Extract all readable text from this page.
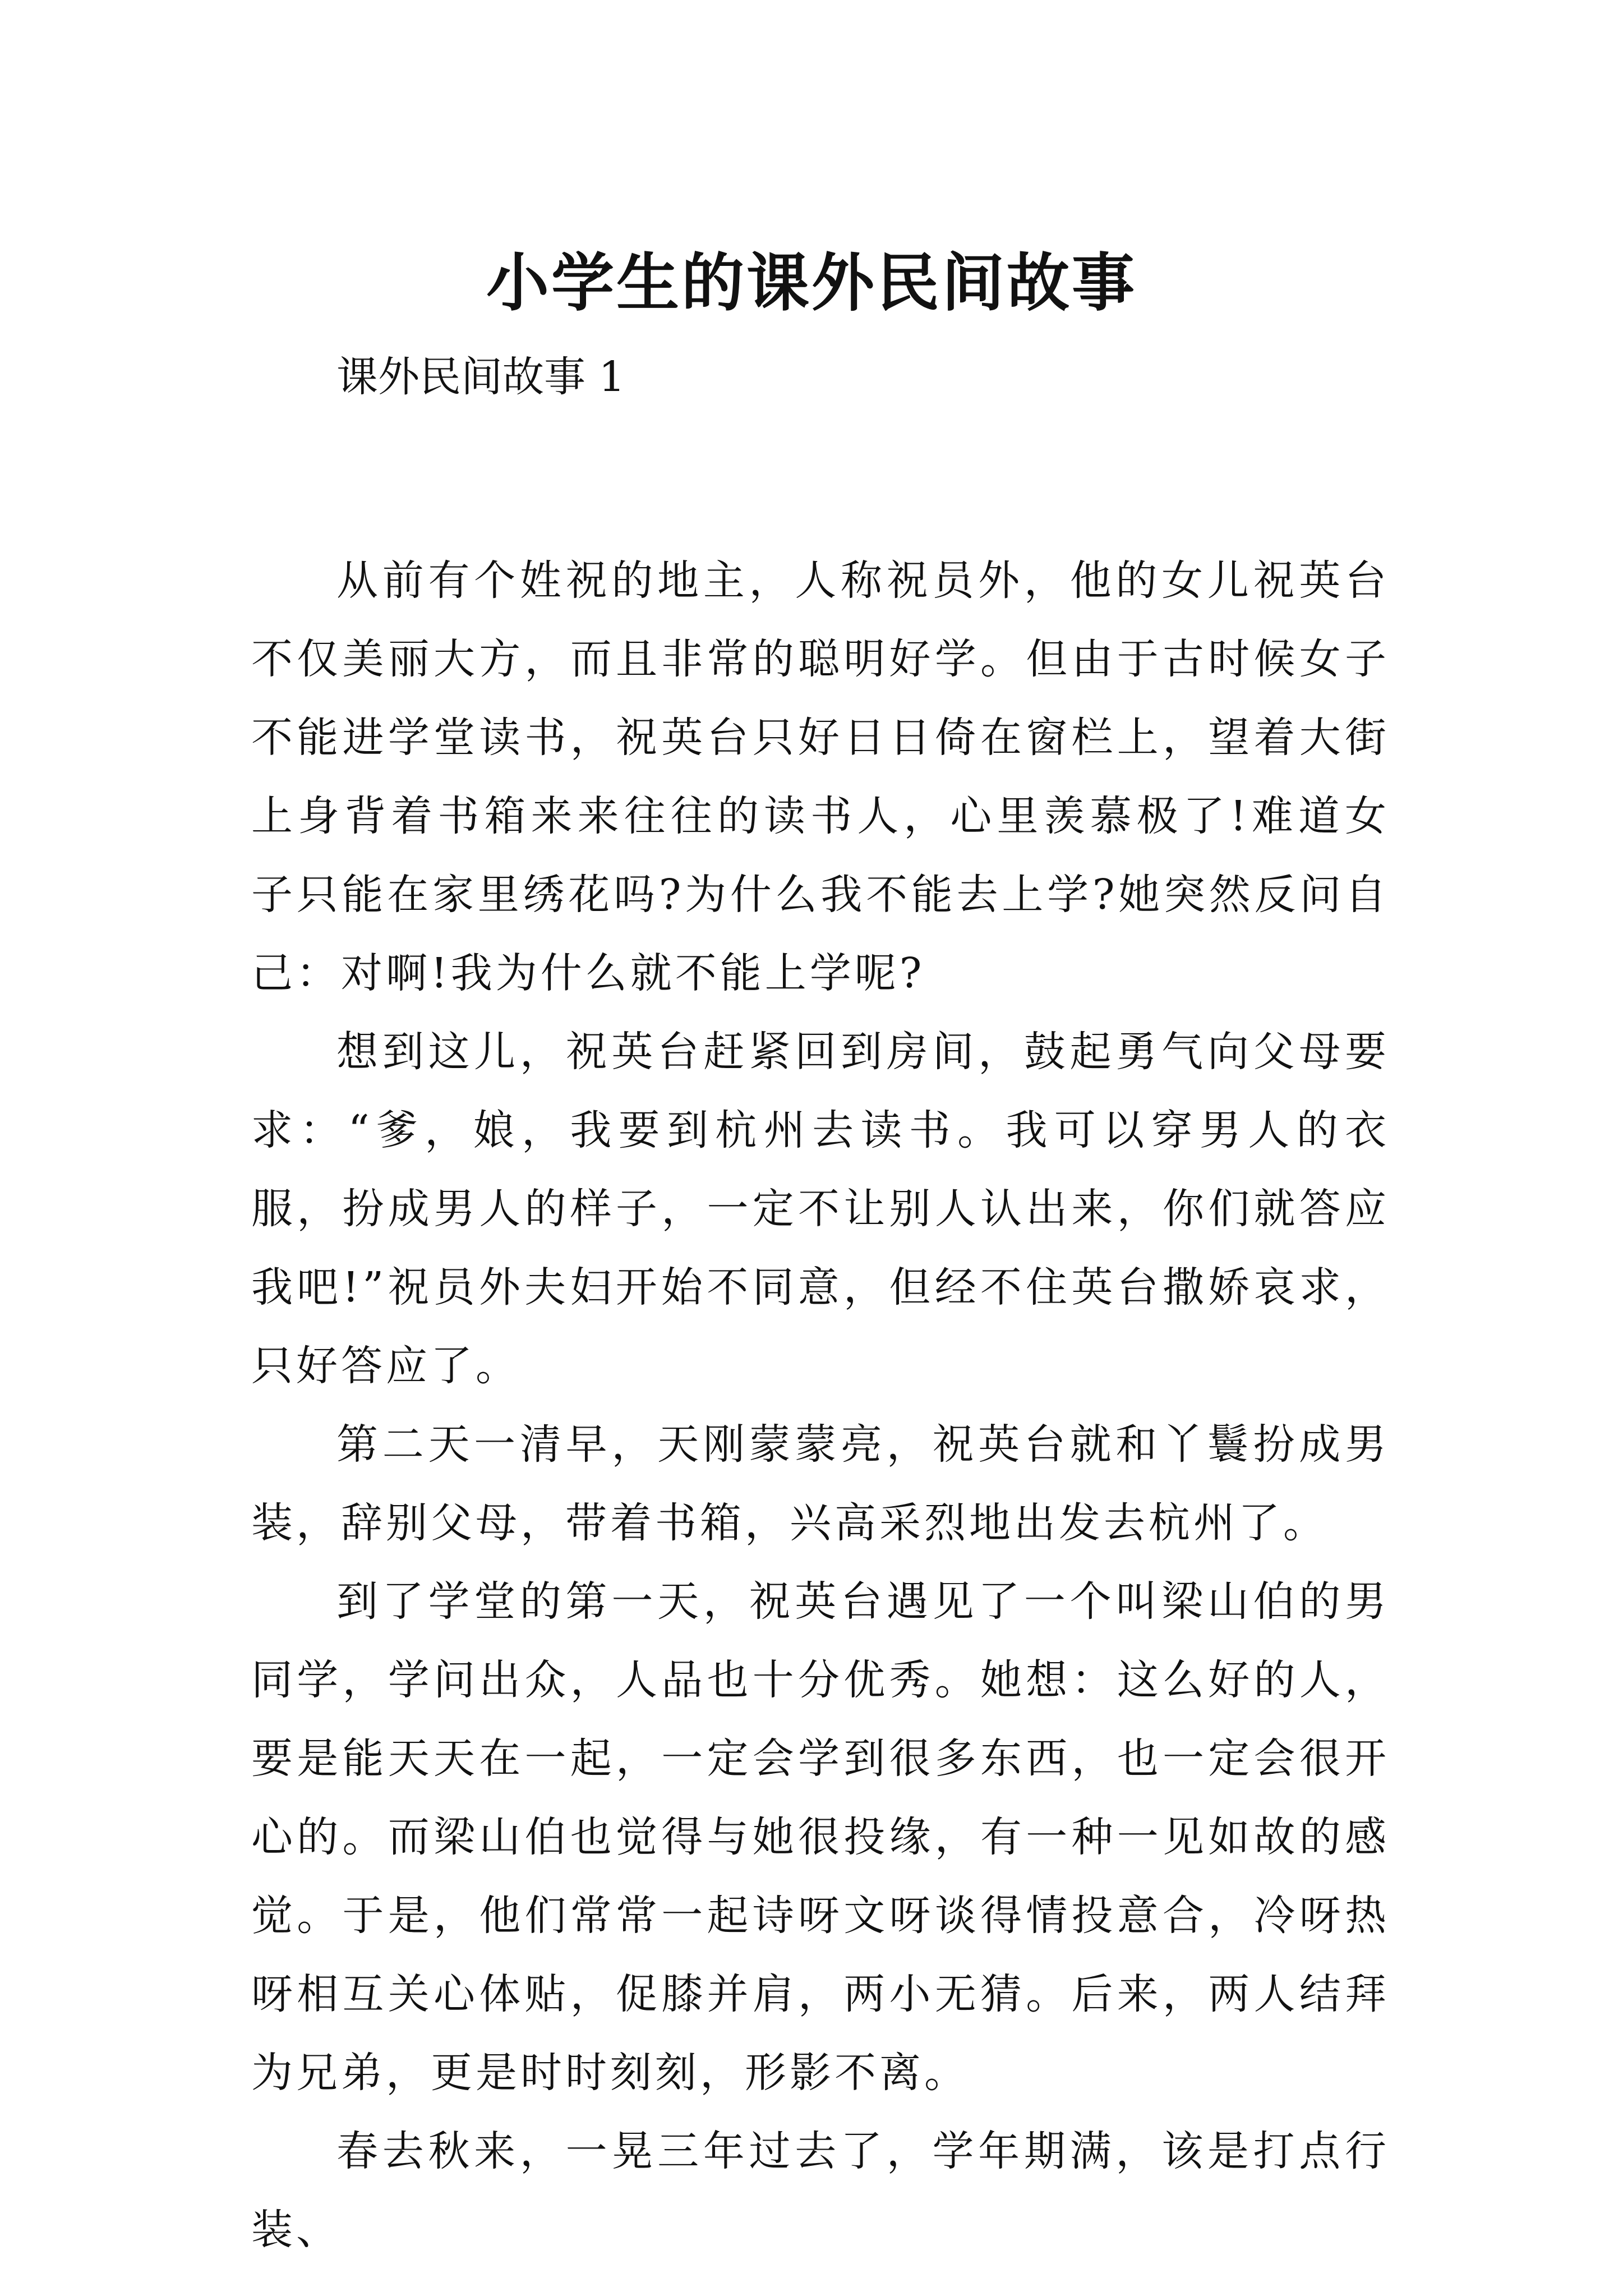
小学生的课外民间故事
课外民间故事 1

从前有个姓祝的地主，人称祝员外，他的女儿祝英台不仅美丽大方，而且非常的聪明好学。但由于古时候女子不能进学堂读书，祝英台只好日日倚在窗栏上，望着大街上身背着书箱来来往往的读书人，心里羡慕极了!难道女子只能在家里绣花吗?为什么我不能去上学?她突然反问自己：对啊!我为什么就不能上学呢?

想到这儿，祝英台赶紧回到房间，鼓起勇气向父母要求：“爹，娘，我要到杭州去读书。我可以穿男人的衣服，扮成男人的样子，一定不让别人认出来，你们就答应我吧!”祝员外夫妇开始不同意，但经不住英台撒娇哀求，只好答应了。

第二天一清早，天刚蒙蒙亮，祝英台就和丫鬟扮成男装，辞别父母，带着书箱，兴高采烈地出发去杭州了。

到了学堂的第一天，祝英台遇见了一个叫梁山伯的男同学，学问出众，人品也十分优秀。她想：这么好的人，要是能天天在一起，一定会学到很多东西，也一定会很开心的。而梁山伯也觉得与她很投缘，有一种一见如故的感觉。于是，他们常常一起诗呀文呀谈得情投意合，冷呀热呀相互关心体贴，促膝并肩，两小无猜。后来，两人结拜为兄弟，更是时时刻刻，形影不离。

春去秋来，一晃三年过去了，学年期满，该是打点行装、
